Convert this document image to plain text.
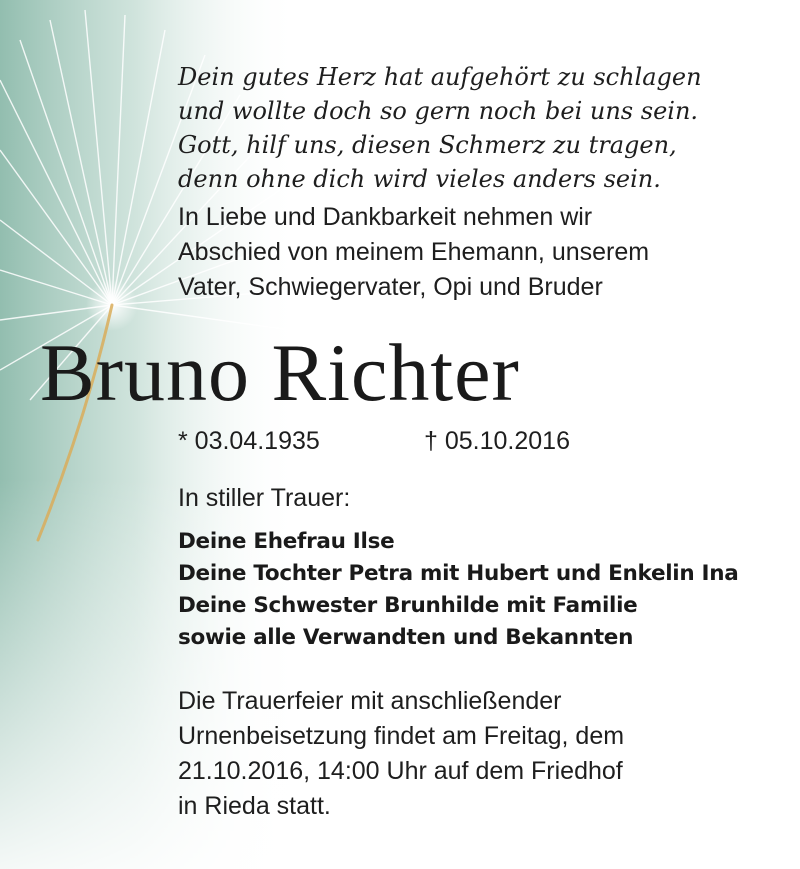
Dein gutes Herz hat aufgehört zu schlagen
und wollte doch so gern noch bei uns sein.
Gott, hilf uns, diesen Schmerz zu tragen,
denn ohne dich wird vieles anders sein.

In Liebe und Dankbarkeit nehmen wir
Abschied von meinem Ehemann, unserem
Vater, Schwiegervater, Opi und Bruder

Bruno Richter
* 03.04.1935	† 05.10.2016
In stiller Trauer:
Deine Ehefrau Ilse
Deine Tochter Petra mit Hubert und Enkelin Ina
Deine Schwester Brunhilde mit Familie
sowie alle Verwandten und Bekannten

Die Trauerfeier mit anschließender
Urnenbeisetzung findet am Freitag, dem
21.10.2016, 14:00 Uhr auf dem Friedhof
in Rieda statt.
